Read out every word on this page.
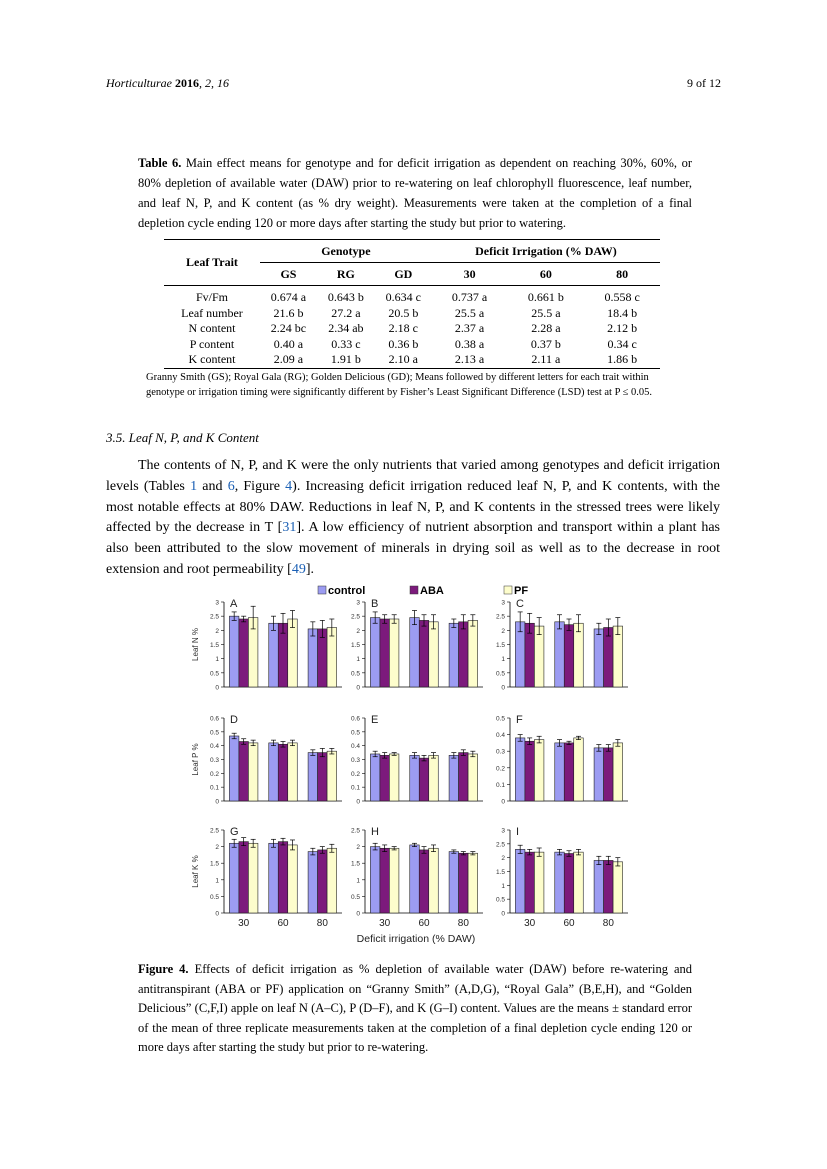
Horticulturae 2016, 2, 16	9 of 12
Table 6. Main effect means for genotype and for deficit irrigation as dependent on reaching 30%, 60%, or 80% depletion of available water (DAW) prior to re-watering on leaf chlorophyll fluorescence, leaf number, and leaf N, P, and K content (as % dry weight). Measurements were taken at the completion of a final depletion cycle ending 120 or more days after starting the study but prior to watering.
Leaf Trait	Genotype			Deficit Irrigation (% DAW)		
	GS	RG	GD	30	60	80
Fv/Fm	0.674 a	0.643 b	0.634 c	0.737 a	0.661 b	0.558 c
Leaf number	21.6 b	27.2 a	20.5 b	25.5 a	25.5 a	18.4 b
N content	2.24 bc	2.34 ab	2.18 c	2.37 a	2.28 a	2.12 b
P content	0.40 a	0.33 c	0.36 b	0.38 a	0.37 b	0.34 c
K content	2.09 a	1.91 b	2.10 a	2.13 a	2.11 a	1.86 b
Granny Smith (GS); Royal Gala (RG); Golden Delicious (GD); Means followed by different letters for each trait within genotype or irrigation timing were significantly different by Fisher’s Least Significant Difference (LSD) test at P ≤ 0.05.
3.5. Leaf N, P, and K Content

The contents of N, P, and K were the only nutrients that varied among genotypes and deficit irrigation levels (Tables 1 and 6, Figure 4). Increasing deficit irrigation reduced leaf N, P, and K contents, with the most notable effects at 80% DAW. Reductions in leaf N, P, and K contents in the stressed trees were likely affected by the decrease in T [31]. A low efficiency of nutrient absorption and transport within a plant has also been attributed to the slow movement of minerals in drying soil as well as to the decrease in root extension and root permeability [49].

control	ABA	PF
0
0.5
1
1.5
2
2.5
3 A
Leaf N %
0
0.5
1
1.5
2
2.5
3 B
0
0.5
1
1.5
2
2.5
3 C
0
0.1
0.2
0.3
0.4
0.5
0.6 D
Leaf P %
0
0.1
0.2
0.3
0.4
0.5
0.6 E
0
0.1
0.2
0.3
0.4
0.5 F
0
0.5
1
1.5
2
2.5 G
Leaf K %
30	60	80
0
0.5
1
1.5
2
2.5 H
30	60	80
0
0.5
1
1.5
2
2.5
3 I
30	60	80
Deficit irrigation (% DAW)
Figure 4. Effects of deficit irrigation as % depletion of available water (DAW) before re-watering and antitranspirant (ABA or PF) application on “Granny Smith” (A,D,G), “Royal Gala” (B,E,H), and “Golden Delicious” (C,F,I) apple on leaf N (A–C), P (D–F), and K (G–I) content. Values are the means ± standard error of the mean of three replicate measurements taken at the completion of a final depletion cycle ending 120 or more days after starting the study but prior to re-watering.
